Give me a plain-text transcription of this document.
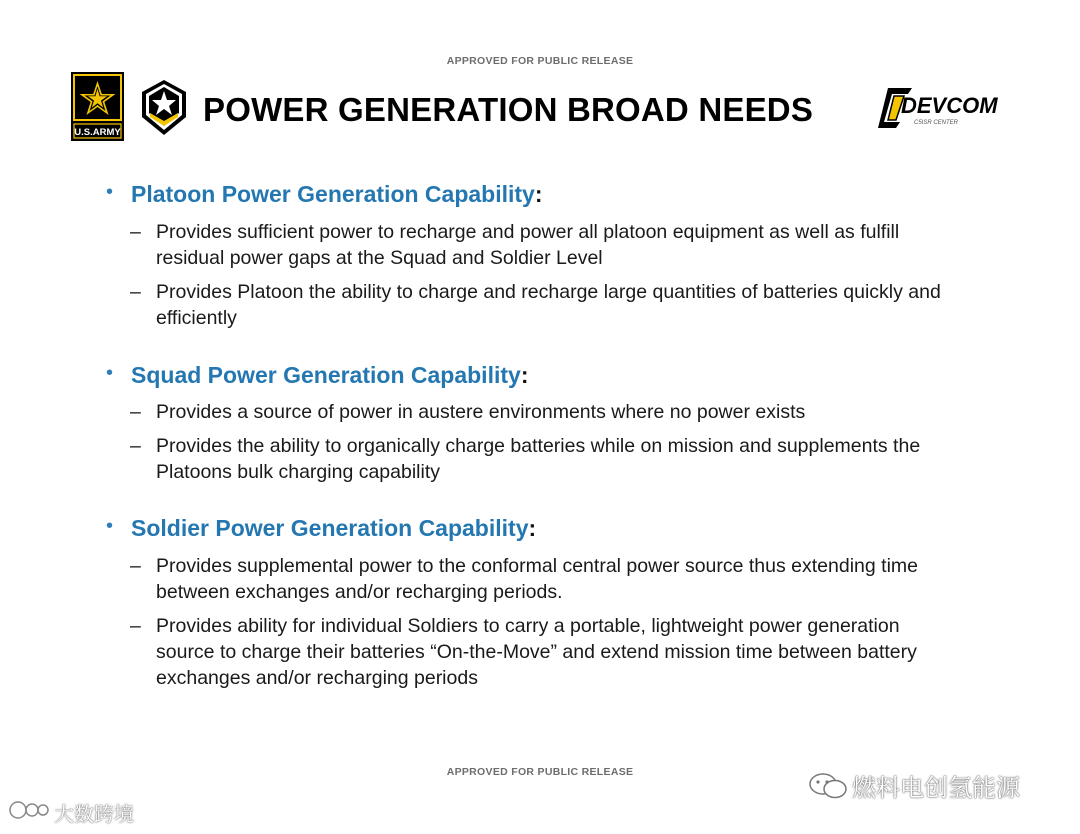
APPROVED FOR PUBLIC RELEASE
U.S.ARMY
POWER GENERATION BROAD NEEDS	DEVCOM
C5ISR CENTER
• Platoon Power Generation Capability:
– Provides sufficient power to recharge and power all platoon equipment as well as fulfill residual power gaps at the Squad and Soldier Level
– Provides Platoon the ability to charge and recharge large quantities of batteries quickly and efficiently
• Squad Power Generation Capability:
– Provides a source of power in austere environments where no power exists
– Provides the ability to organically charge batteries while on mission and supplements the Platoons bulk charging capability
• Soldier Power Generation Capability:
– Provides supplemental power to the conformal central power source thus extending time between exchanges and/or recharging periods.
– Provides ability for individual Soldiers to carry a portable, lightweight power generation source to charge their batteries “On-the-Move” and extend mission time between battery exchanges and/or recharging periods
APPROVED FOR PUBLIC RELEASE
大数跨境
燃料电创氢能源
